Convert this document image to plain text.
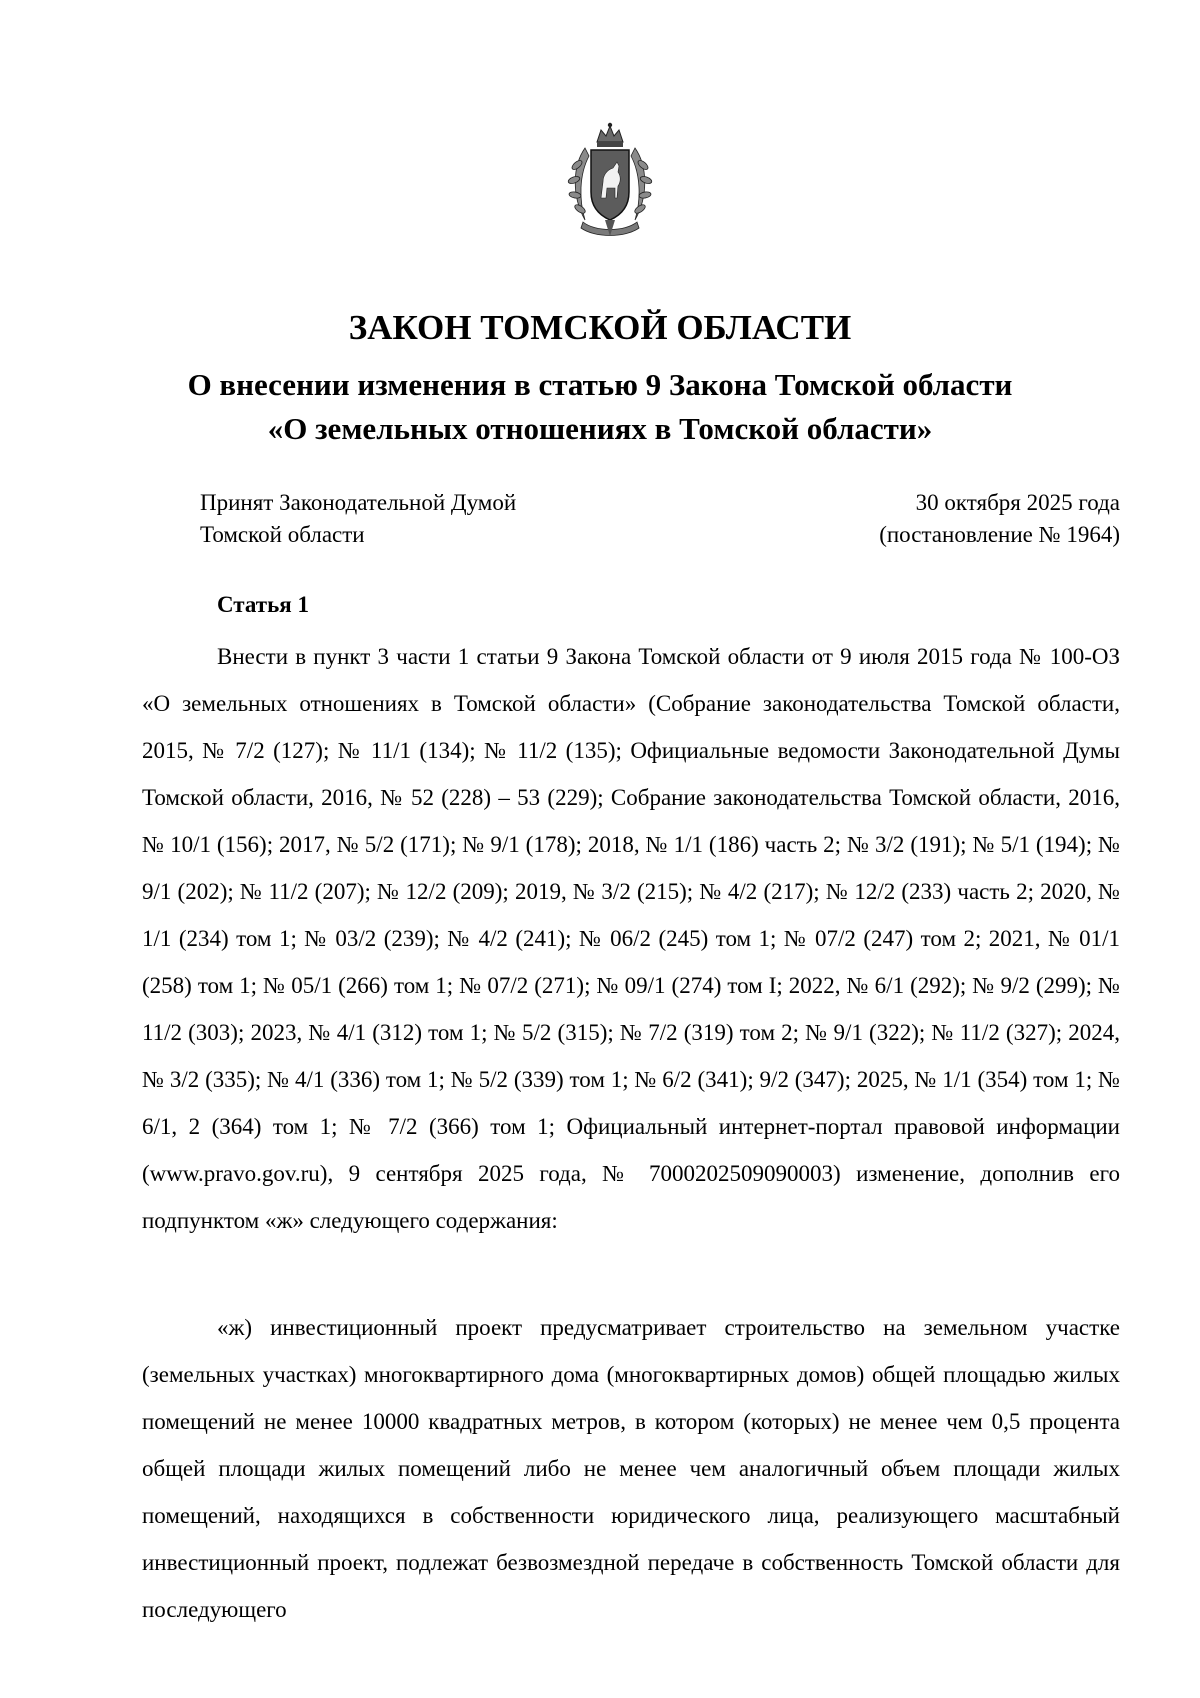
ЗАКОН ТОМСКОЙ ОБЛАСТИ
О внесении изменения в статью 9 Закона Томской области
«О земельных отношениях в Томской области»
Принят Законодательной Думой
Томской области
30 октября 2025 года
(постановление № 1964)
Статья 1

Внести в пункт 3 части 1 статьи 9 Закона Томской области от 9 июля 2015 года № 100-ОЗ «О земельных отношениях в Томской области» (Собрание законодательства Томской области, 2015, № 7/2 (127); № 11/1 (134); № 11/2 (135); Официальные ведомости Законодательной Думы Томской области, 2016, № 52 (228) – 53 (229); Собрание законодательства Томской области, 2016, № 10/1 (156); 2017, № 5/2 (171); № 9/1 (178); 2018, № 1/1 (186) часть 2; № 3/2 (191); № 5/1 (194); № 9/1 (202); № 11/2 (207); № 12/2 (209); 2019, № 3/2 (215); № 4/2 (217); № 12/2 (233) часть 2; 2020, № 1/1 (234) том 1; № 03/2 (239); № 4/2 (241); № 06/2 (245) том 1; № 07/2 (247) том 2; 2021, № 01/1 (258) том 1; № 05/1 (266) том 1; № 07/2 (271); № 09/1 (274) том I; 2022, № 6/1 (292); № 9/2 (299); № 11/2 (303); 2023, № 4/1 (312) том 1; № 5/2 (315); № 7/2 (319) том 2; № 9/1 (322); № 11/2 (327); 2024, № 3/2 (335); № 4/1 (336) том 1; № 5/2 (339) том 1; № 6/2 (341); 9/2 (347); 2025, № 1/1 (354) том 1; № 6/1, 2 (364) том 1; № 7/2 (366) том 1; Официальный интернет-портал правовой информации (www.pravo.gov.ru), 9 сентября 2025 года, № 7000202509090003) изменение, дополнив его подпунктом «ж» следующего содержания:

«ж) инвестиционный проект предусматривает строительство на земельном участке (земельных участках) многоквартирного дома (многоквартирных домов) общей площадью жилых помещений не менее 10000 квадратных метров, в котором (которых) не менее чем 0,5 процента общей площади жилых помещений либо не менее чем аналогичный объем площади жилых помещений, находящихся в собственности юридического лица, реализующего масштабный инвестиционный проект, подлежат безвозмездной передаче в собственность Томской области для последующего
